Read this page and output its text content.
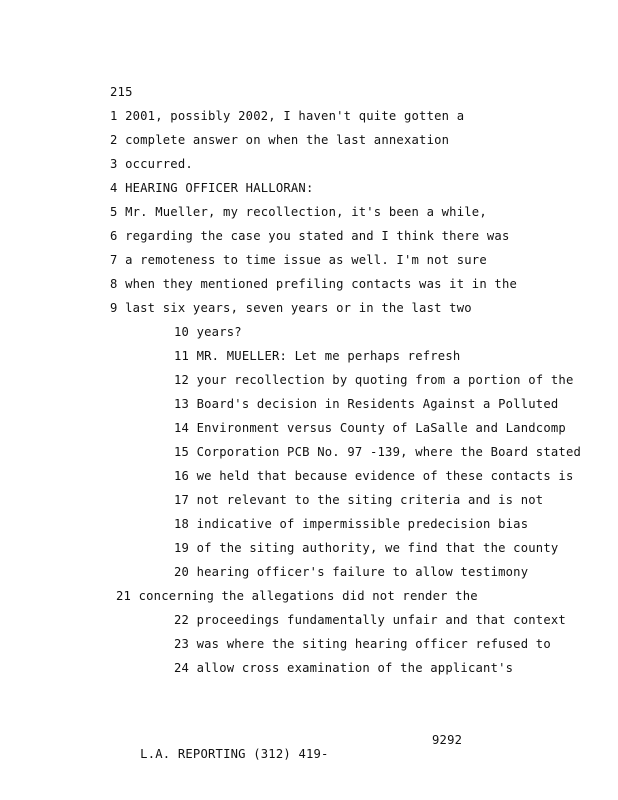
215
1 2001, possibly 2002, I haven't quite gotten a
2 complete answer on when the last annexation
3 occurred.
4 HEARING OFFICER HALLORAN:
5 Mr. Mueller, my recollection, it's been a while,
6 regarding the case you stated and I think there was
7 a remoteness to time issue as well. I'm not sure
8 when they mentioned prefiling contacts was it in the
9 last six years, seven years or in the last two
10 years?
11 MR. MUELLER: Let me perhaps refresh
12 your recollection by quoting from a portion of the
13 Board's decision in Residents Against a Polluted
14 Environment versus County of LaSalle and Landcomp
15 Corporation PCB No. 97 -139, where the Board stated
16 we held that because evidence of these contacts is
17 not relevant to the siting criteria and is not
18 indicative of impermissible predecision bias
19 of the siting authority, we find that the county
20 hearing officer's failure to allow testimony
21 concerning the allegations did not render the
22 proceedings fundamentally unfair and that context
23 was where the siting hearing officer refused to
24 allow cross examination of the applicant's

L.A. REPORTING (312) 419-

9292
